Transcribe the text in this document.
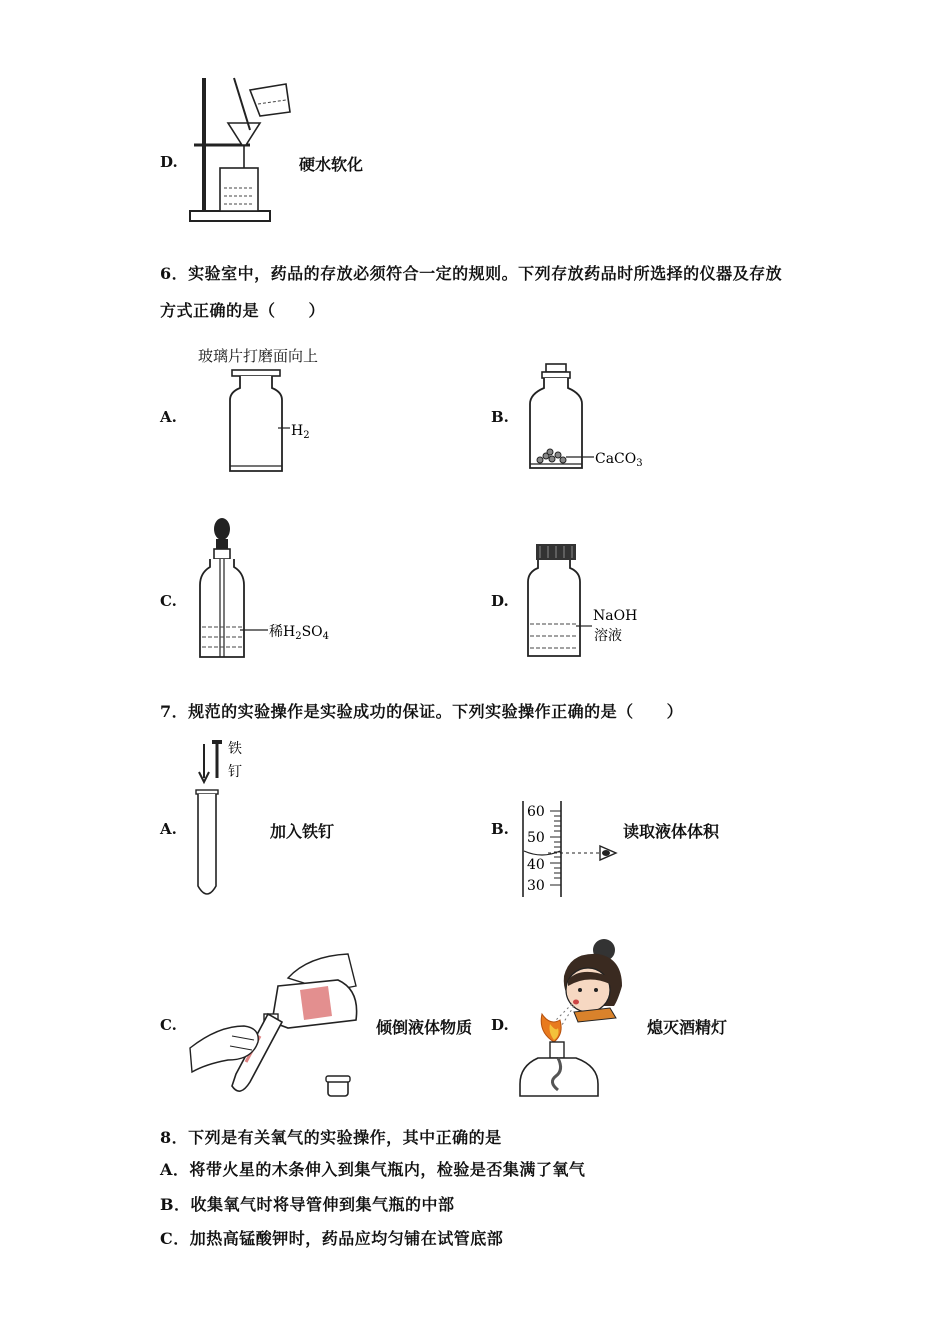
D.	硬水软化
6．实验室中，药品的存放必须符合一定的规则。下列存放药品时所选择的仪器及存放
方式正确的是（　　）
A.
玻璃片打磨面向上
$H_2$
B.
CaCO$_3$
C.
稀$H_2SO_4$
D.
NaOH
溶液
7．规范的实验操作是实验成功的保证。下列实验操作正确的是（　　）
A.
铁
钉
加入铁钉	B.
60
50
40
30
读取液体体积
C.	倾倒液体物质 D.	熄灭酒精灯
8．下列是有关氧气的实验操作，其中正确的是
A．将带火星的木条伸入到集气瓶内，检验是否集满了氧气
B．收集氧气时将导管伸到集气瓶的中部
C．加热高锰酸钾时，药品应均匀铺在试管底部
